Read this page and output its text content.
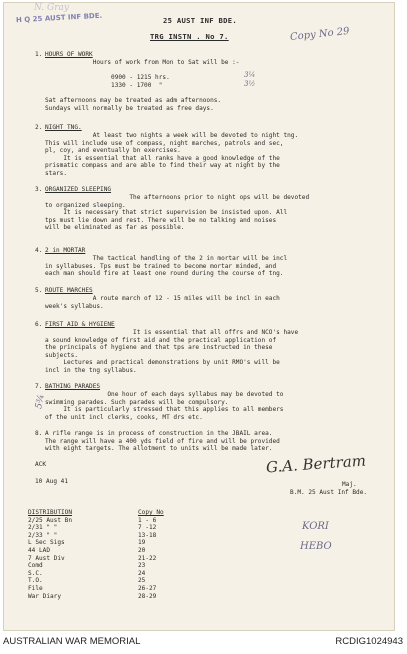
N. Gray
H Q 25 AUST INF BDE.	25 AUST INF BDE.
TRG INSTN . No 7.	Copy No 29
1. HOURS OF WORK
Hours of work from Mon to Sat will be :-

0900 - 1215 hrs.
1330 - 1700  "

Sat afternoons may be treated as adm afternoons.
Sundays will normally be treated as free days.
3¼
3½
2. NIGHT TNG.
At least two nights a week will be devoted to night tng.
This will include use of compass, night marches, patrols and sec,
pl, coy, and eventually bn exercises.
It is essential that all ranks have a good knowledge of the
prismatic compass and are able to find their way at night by the
stars.
3. ORGANIZED SLEEPING
The afternoons prior to night ops will be devoted
to organized sleeping.
It is necessary that strict supervision be insisted upon. All
tps must lie down and rest. There will be no talking and noises
will be eliminated as far as possible.
4. 2 in MORTAR
The tactical handling of the 2 in mortar will be incl
in syllabuses. Tps must be trained to become mortar minded, and
each man should fire at least one round during the course of tng.
5. ROUTE MARCHES
A route march of 12 - 15 miles will be incl in each
week's syllabus.
6. FIRST AID & HYGIENE
It is essential that all offrs and NCO's have
a sound knowledge of first aid and the practical application of
the principals of hygiene and that tps are instructed in these
subjects.
Lectures and practical demonstrations by unit RMO's will be
incl in the tng syllabus.
7. BATHING PARADES
One hour of each days syllabus may be devoted to
swimming parades. Such parades will be compulsory.
It is particularly stressed that this applies to all members
of the unit incl clerks, cooks, MT drs etc.
5¾
8. A rifle range is in process of construction in the JBAIL area.
The range will have a 400 yds field of fire and will be provided
with eight targets. The allotment to units will be made later.
ACK
10 Aug 41
G.A. Bertram
Maj.
B.M. 25 Aust Inf Bde.
DISTRIBUTION	Copy No
2/25 Aust Bn	1 - 6
2/31 " "	7 -12
2/33 " "	13-18
L Sec Sigs	19
44 LAD	20
7 Aust Div	21-22
Comd	23
S.C.	24
T.O.	25
File	26-27
War Diary	28-29
KORI
HEBO
AUSTRALIAN WAR MEMORIAL	RCDIG1024943
